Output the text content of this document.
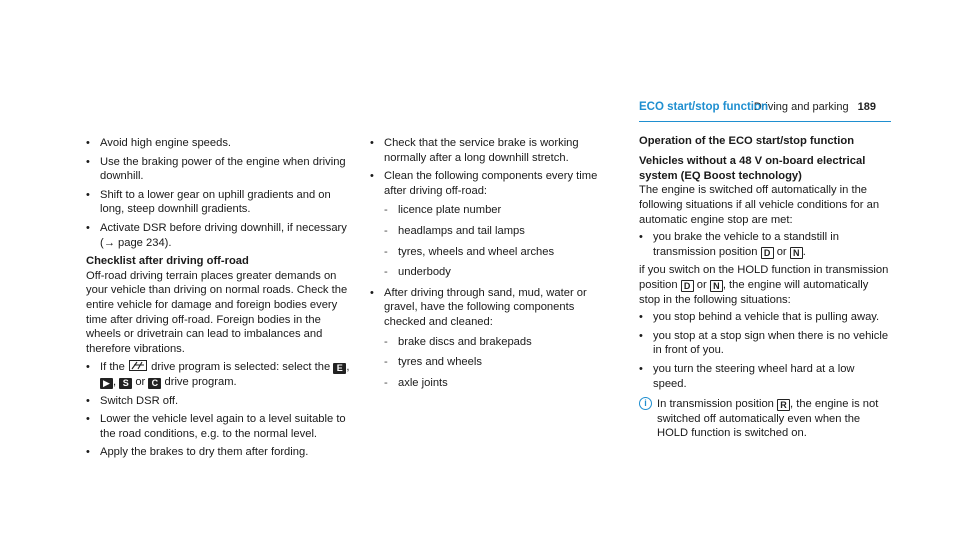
Driving and parking 189
• Avoid high engine speeds.
• Use the braking power of the engine when driving downhill.
• Shift to a lower gear on uphill gradients and on long, steep downhill gradients.
• Activate DSR before driving downhill, if necessary (→ page 234).

Checklist after driving off-road

Off-road driving terrain places greater demands on your vehicle than driving on normal roads. Check the entire vehicle for damage and foreign bodies every time after driving off-road. Foreign bodies in the wheels or drivetrain can lead to imbalances and therefore vibrations.

• If the drive program is selected: select the E , ▶ , S or C drive program.
• Switch DSR off.
• Lower the vehicle level again to a level suitable to the road conditions, e.g. to the normal level.
• Apply the brakes to dry them after fording.
• Check that the service brake is working normally after a long downhill stretch.
• Clean the following components every time after driving off-road:
- licence plate number
- headlamps and tail lamps
- tyres, wheels and wheel arches
- underbody
• After driving through sand, mud, water or gravel, have the following components checked and cleaned:
- brake discs and brakepads
- tyres and wheels
- axle joints
ECO start/stop function

Operation of the ECO start/stop function

Vehicles without a 48 V on-board electrical system (EQ Boost technology)

The engine is switched off automatically in the following situations if all vehicle conditions for an automatic engine stop are met:

• you brake the vehicle to a standstill in transmission position D or N .

if you switch on the HOLD function in transmission position D or N , the engine will automatically stop in the following situations:

• you stop behind a vehicle that is pulling away.
• you stop at a stop sign when there is no vehicle in front of you.
• you turn the steering wheel hard at a low speed.
i In transmission position R , the engine is not switched off automatically even when the HOLD function is switched on.
